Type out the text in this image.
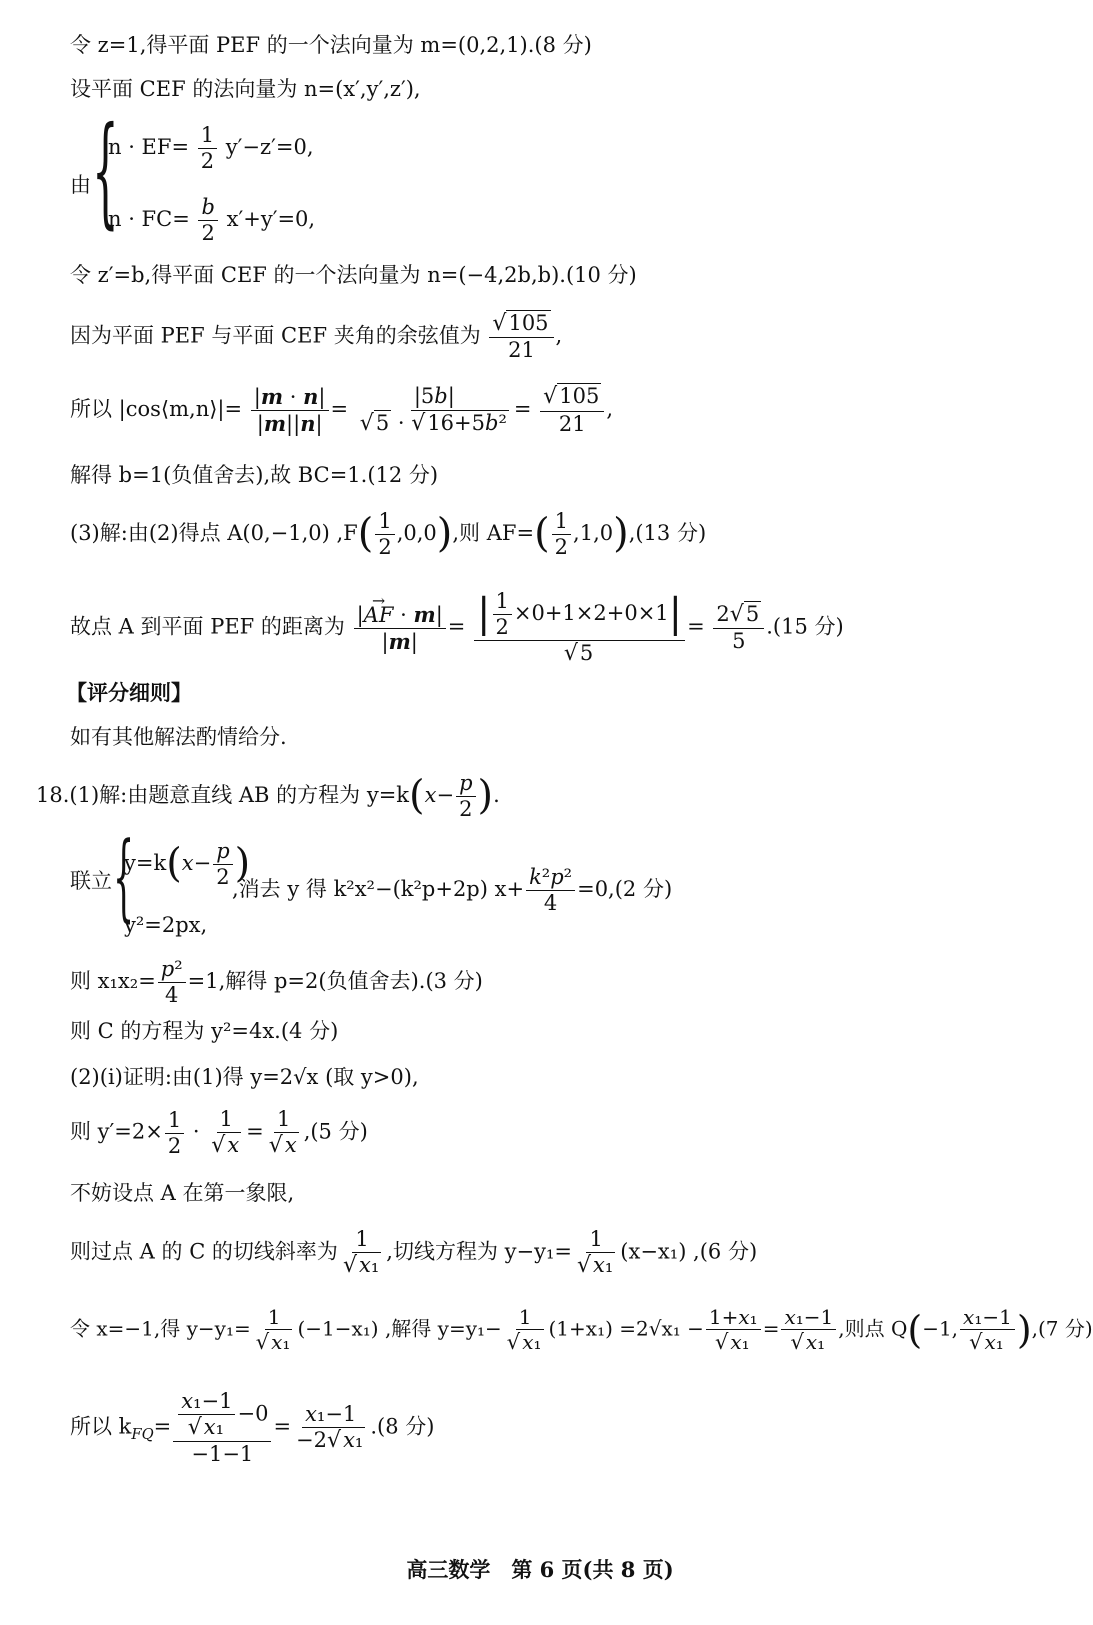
令 z=1,得平面 PEF 的一个法向量为 m=(0,2,1).(8 分)
设平面 CEF 的法向量为 n=(x′,y′,z′),
由 {
$n \cdot EF= \frac{1}{2} y'-z'=0$,
$n \cdot FC= \frac{b}{2} x'+y'=0$,
令 z′=b,得平面 CEF 的一个法向量为 n=(−4,2b,b).(10 分)
因为平面 PEF 与平面 CEF 夹角的余弦值为 $\frac{√105}{21}$ ,
所以 |cos⟨m,n⟩|= $\frac{|m \cdot n|}{|m||n|} = \frac{|5b|}{\text{√5 · √16+5b²}} = \frac{√105}{21}$ ,
解得 b=1(负值舍去),故 BC=1.(12 分)
(3)解:由(2)得点 A(0,−1,0) $,F( \frac{1}{2} ,0,0)$,则 $AF=( \frac{1}{2} ,1,0),(13$ 分)
故点 A 到平面 PEF 的距离为 $\frac{|\to AF \cdot m|}{|m|} = \frac{| \frac{1}{2} \times 0+1\times 2+0\times 1|}{√5} = \frac{2√5}{5} .(15$ 分)
【评分细则】
如有其他解法酌情给分.
18.(1)解:由题意直线 AB 的方程为 $y=k(x- \frac{p}{2}$ ).
联立 {
$y=k(x- \frac{p}{2}$ )
,消去 y 得 k²x²−(k²p+2p) $x+ \frac{\text{k²p²}}{4} =0,(2$ 分)
y²=2px,
则 $x_1x_2= \frac{\text{p²}}{4} =1$,解得 p=2(负值舍去).(3 分)
则 C 的方程为 y²=4x.(4 分)
(2)(i)证明:由(1)得 y=2√x (取 y>0),
则 $y'=2\times \frac{1}{2} \cdot \frac{1}{√x} = \frac{1}{√x} ,(5$ 分)
不妨设点 A 在第一象限,
则过点 A 的 C 的切线斜率为 $\frac{1}{\text{√x₁}}$ ,切线方程为 $y-y_1= \frac{1}{\text{√x₁}} (x-x_1)$ ,(6 分)
令 x=−1,得 $y-y_1= \frac{1}{\text{√ x₁}} (-1-x_1)$ ,解得 $y=y_1- \frac{1}{\text{√ x₁}} (1+x_1) =2√x_1 - \frac{\text{1+x₁}}{\text{√ x₁}} = \frac{\text{x₁−1}}{\text{√ x₁}}$ ,则点 Q(−1, $\frac{\text{x₁−1}}{\text{√ x₁}} ),(7$ 分)
所以 $k_{FQ}= \frac{\frac{\text{x₁−1}}{\text{√x₁}} -0}{-1-1} = \frac{\text{x₁−1}}{\text{−2√x₁}} .(8$ 分)
高三数学　第 6 页(共 8 页)
